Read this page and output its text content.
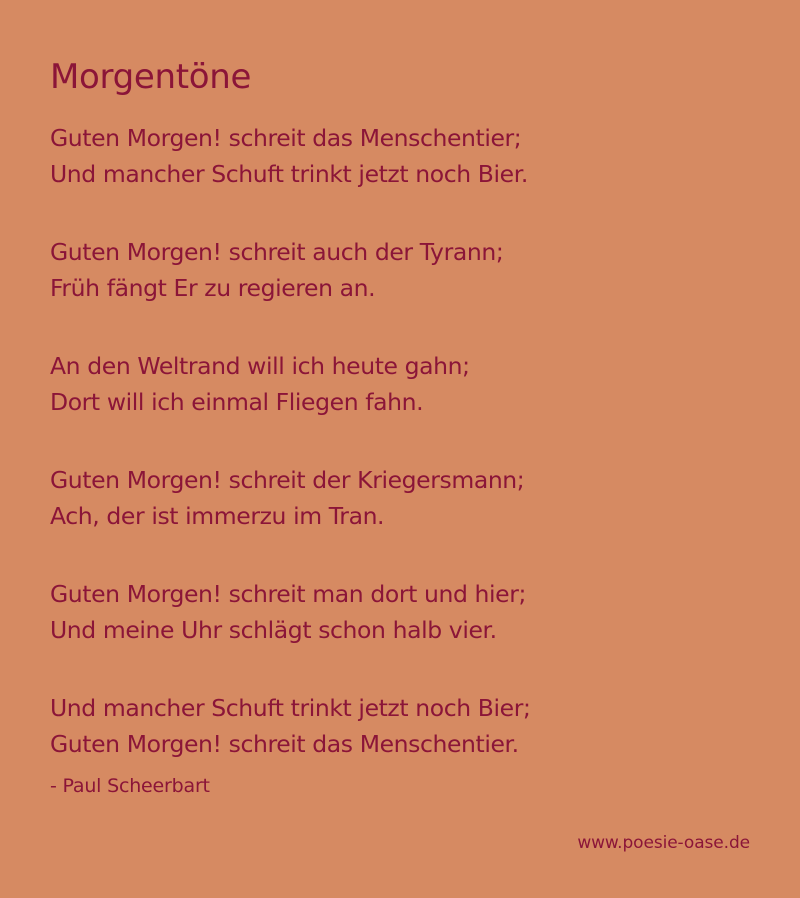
Morgentöne
Guten Morgen! schreit das Menschentier;
Und mancher Schuft trinkt jetzt noch Bier.
Guten Morgen! schreit auch der Tyrann;
Früh fängt Er zu regieren an.
An den Weltrand will ich heute gahn;
Dort will ich einmal Fliegen fahn.
Guten Morgen! schreit der Kriegersmann;
Ach, der ist immerzu im Tran.
Guten Morgen! schreit man dort und hier;
Und meine Uhr schlägt schon halb vier.
Und mancher Schuft trinkt jetzt noch Bier;
Guten Morgen! schreit das Menschentier.
- Paul Scheerbart
www.poesie-oase.de
